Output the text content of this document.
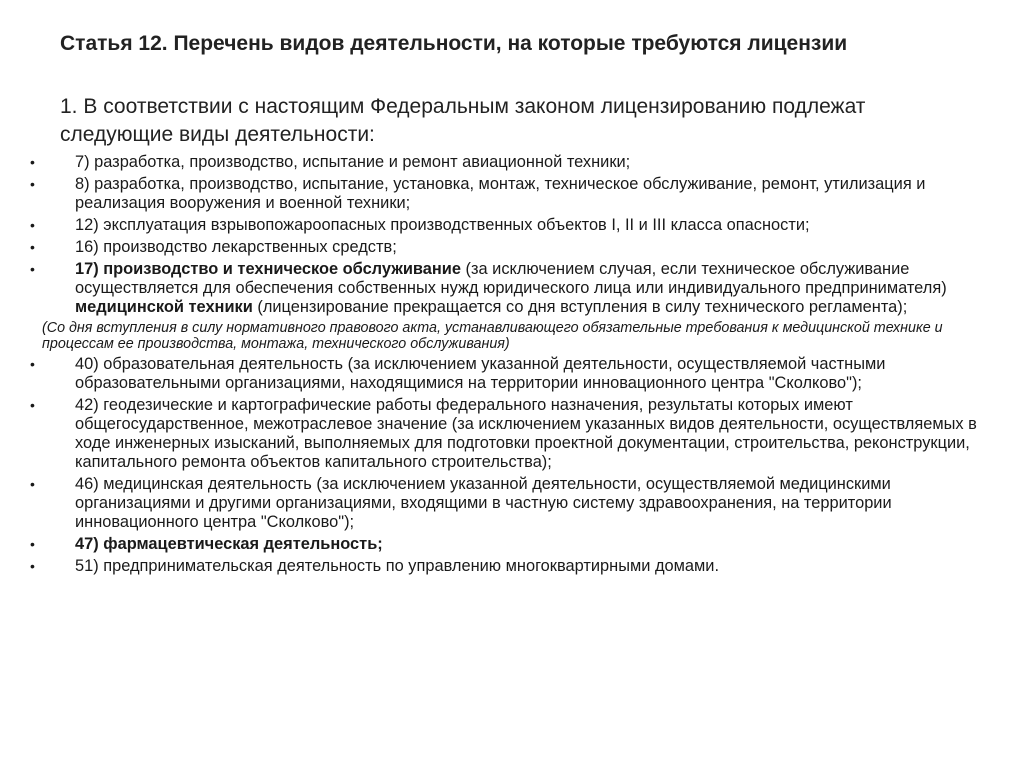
Статья 12. Перечень видов деятельности, на которые требуются лицензии
1. В соответствии с настоящим Федеральным законом лицензированию подлежат следующие виды деятельности:
•	7) разработка, производство, испытание и ремонт авиационной техники;
•	8) разработка, производство, испытание, установка, монтаж, техническое обслуживание, ремонт, утилизация и реализация вооружения и военной техники;
•	12) эксплуатация взрывопожароопасных производственных объектов I, II и III класса опасности;
•	16) производство лекарственных средств;
•	17) производство и техническое обслуживание (за исключением случая, если техническое обслуживание осуществляется для обеспечения собственных нужд юридического лица или индивидуального предпринимателя) медицинской техники (лицензирование прекращается со дня вступления в силу технического регламента);
(Со дня вступления в силу нормативного правового акта, устанавливающего обязательные требования к медицинской технике и процессам ее производства, монтажа, технического обслуживания)
•	40) образовательная деятельность (за исключением указанной деятельности, осуществляемой частными образовательными организациями, находящимися на территории инновационного центра "Сколково");
•	42) геодезические и картографические работы федерального назначения, результаты которых имеют общегосударственное, межотраслевое значение (за исключением указанных видов деятельности, осуществляемых в ходе инженерных изысканий, выполняемых для подготовки проектной документации, строительства, реконструкции, капитального ремонта объектов капитального строительства);
•	46) медицинская деятельность (за исключением указанной деятельности, осуществляемой медицинскими организациями и другими организациями, входящими в частную систему здравоохранения, на территории инновационного центра "Сколково");
•	47) фармацевтическая деятельность;
•	51) предпринимательская деятельность по управлению многоквартирными домами.
